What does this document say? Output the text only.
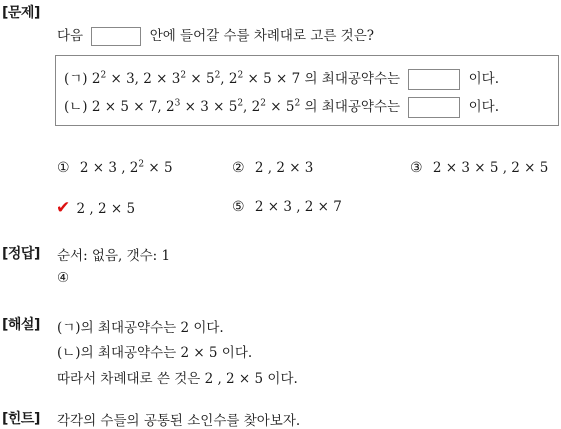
[문제]
다음	안에 들어갈 수를 차례대로 고른 것은?
(ㄱ) $2^2 \times 3$, $2 \times 3^2 \times 5^2$, $2^2 \times 5 \times 7$ 의 최대공약수는	이다.
(ㄴ) 2 × 5 × 7, $2^3 \times 3 \times 5^2$, $2^2 \times 5^2$ 의 최대공약수는	이다.
① 2 × 3 , $2^2 \times 5$	② 2 , 2 × 3	③ 2 × 3 × 5 , 2 × 5
✔ 2 , 2 × 5	⑤ 2 × 3 , 2 × 7
[정답] 순서: 없음, 갯수: 1
④
[해설] (ㄱ)의 최대공약수는 2 이다.
(ㄴ)의 최대공약수는 2 × 5 이다.
따라서 차례대로 쓴 것은 2 , 2 × 5 이다.
[힌트] 각각의 수들의 공통된 소인수를 찾아보자.
